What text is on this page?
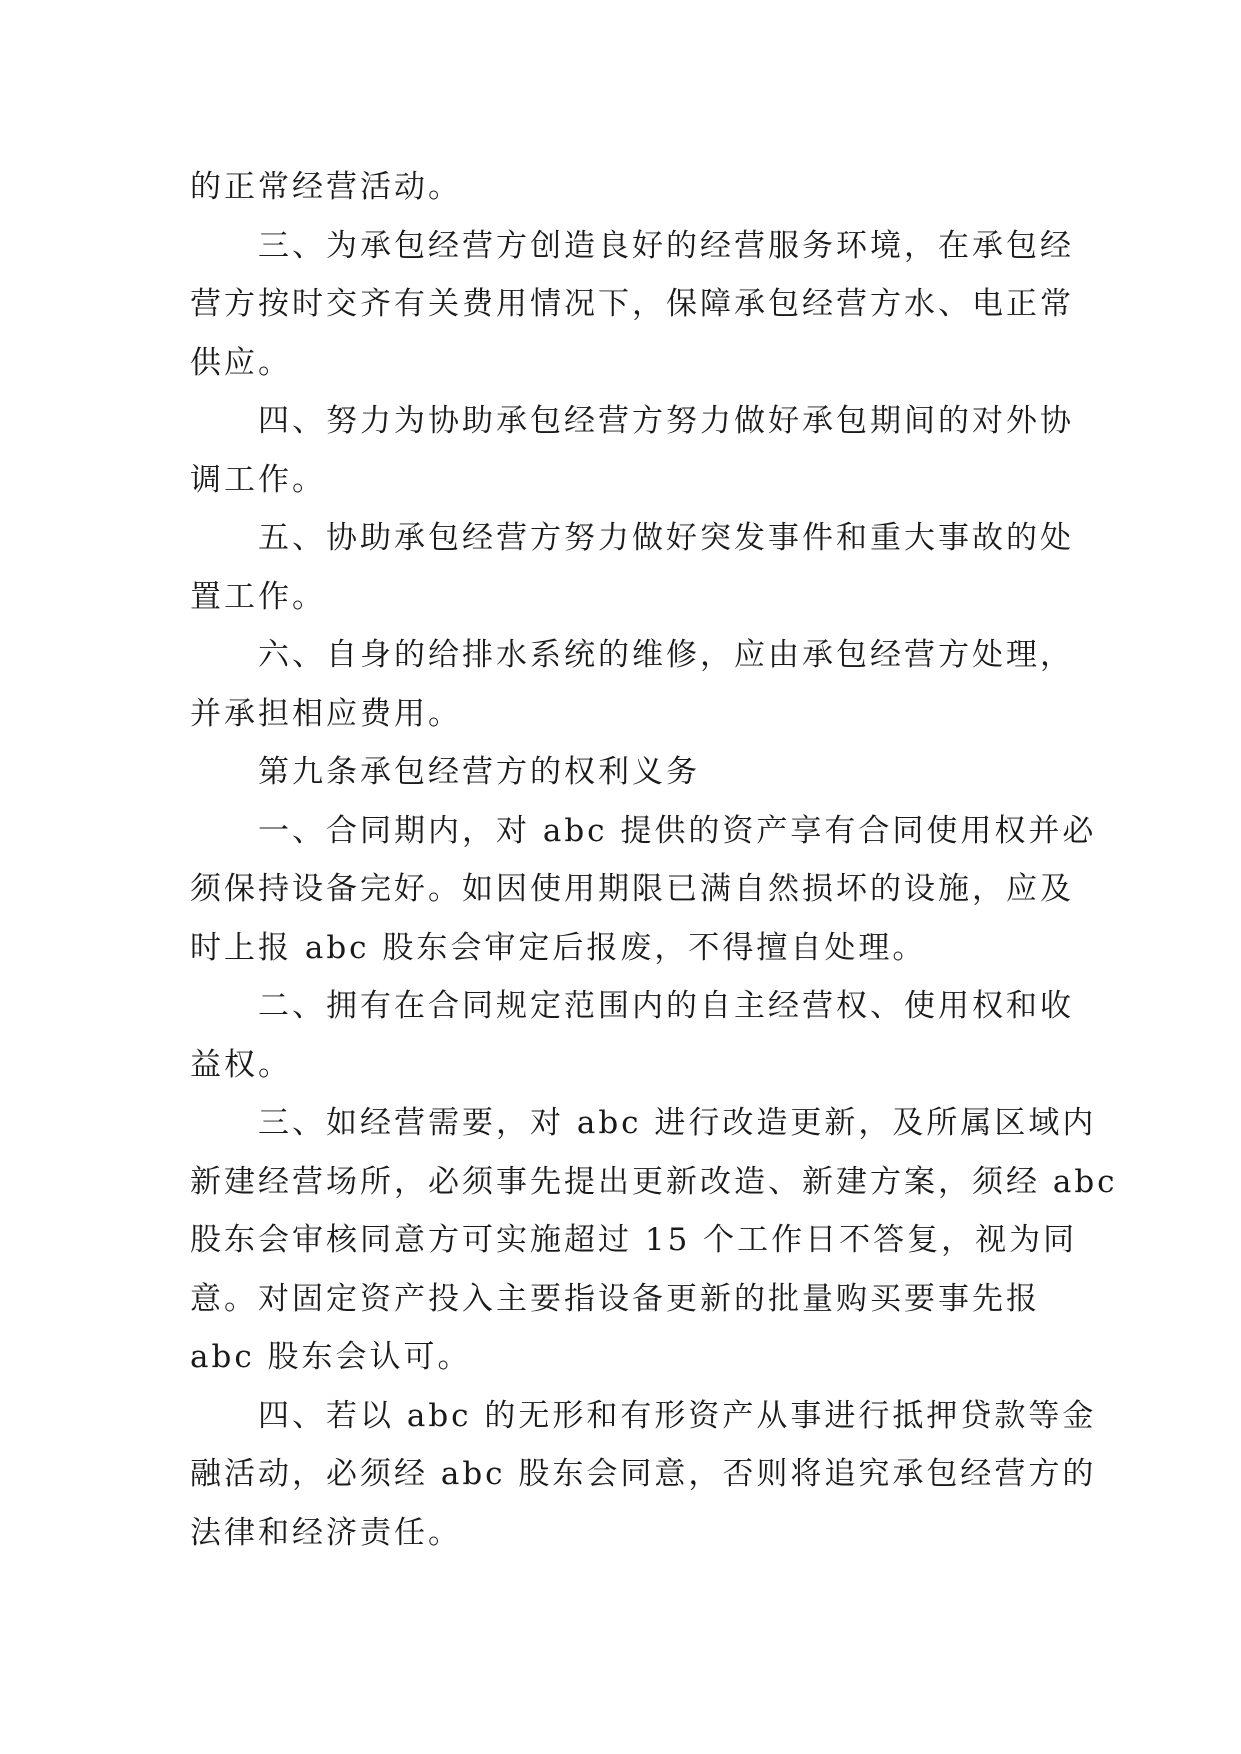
的正常经营活动。
三、为承包经营方创造良好的经营服务环境，在承包经
营方按时交齐有关费用情况下，保障承包经营方水、电正常
供应。
四、努力为协助承包经营方努力做好承包期间的对外协
调工作。
五、协助承包经营方努力做好突发事件和重大事故的处
置工作。
六、自身的给排水系统的维修，应由承包经营方处理，
并承担相应费用。
第九条承包经营方的权利义务
一、合同期内，对 abc 提供的资产享有合同使用权并必
须保持设备完好。如因使用期限已满自然损坏的设施，应及
时上报 abc 股东会审定后报废，不得擅自处理。
二、拥有在合同规定范围内的自主经营权、使用权和收
益权。
三、如经营需要，对 abc 进行改造更新，及所属区域内
新建经营场所，必须事先提出更新改造、新建方案，须经 abc
股东会审核同意方可实施超过 15 个工作日不答复，视为同
意。对固定资产投入主要指设备更新的批量购买要事先报
abc 股东会认可。
四、若以 abc 的无形和有形资产从事进行抵押贷款等金
融活动，必须经 abc 股东会同意，否则将追究承包经营方的
法律和经济责任。
